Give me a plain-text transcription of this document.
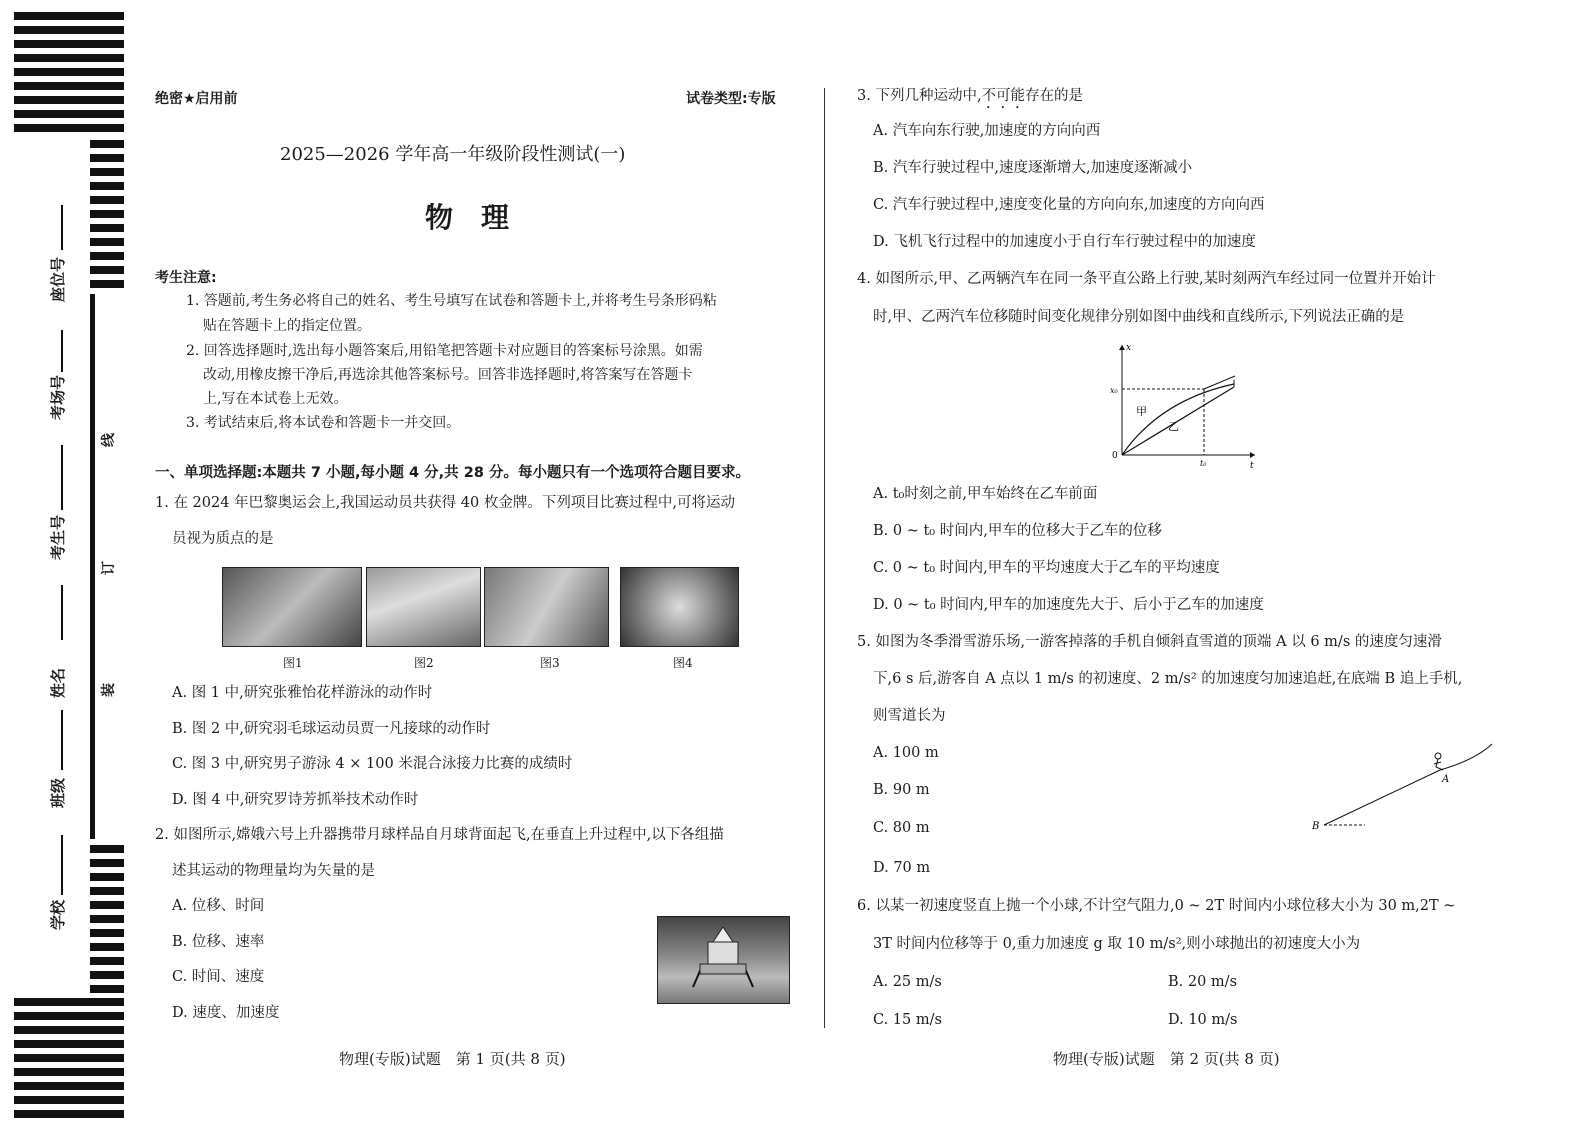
座位号
考场号
考生号
姓名
班级
学校
线
订
装
绝密★启用前	试卷类型:专版
2025—2026 学年高一年级阶段性测试(一)
物　理
考生注意:
1. 答题前,考生务必将自己的姓名、考生号填写在试卷和答题卡上,并将考生号条形码粘
贴在答题卡上的指定位置。
2. 回答选择题时,选出每小题答案后,用铅笔把答题卡对应题目的答案标号涂黑。如需
改动,用橡皮擦干净后,再选涂其他答案标号。回答非选择题时,将答案写在答题卡
上,写在本试卷上无效。
3. 考试结束后,将本试卷和答题卡一并交回。
一、单项选择题:本题共 7 小题,每小题 4 分,共 28 分。每小题只有一个选项符合题目要求。
1. 在 2024 年巴黎奥运会上,我国运动员共获得 40 枚金牌。下列项目比赛过程中,可将运动
员视为质点的是
图1	图2	图3	图4
A. 图 1 中,研究张雅怡花样游泳的动作时
B. 图 2 中,研究羽毛球运动员贾一凡接球的动作时
C. 图 3 中,研究男子游泳 4 × 100 米混合泳接力比赛的成绩时
D. 图 4 中,研究罗诗芳抓举技术动作时
2. 如图所示,嫦娥六号上升器携带月球样品自月球背面起飞,在垂直上升过程中,以下各组描
述其运动的物理量均为矢量的是
A. 位移、时间
B. 位移、速率
C. 时间、速度
D. 速度、加速度
物理(专版)试题　第 1 页(共 8 页)
3. 下列几种运动中,不可能存在的是
A. 汽车向东行驶,加速度的方向向西
B. 汽车行驶过程中,速度逐渐增大,加速度逐渐减小
C. 汽车行驶过程中,速度变化量的方向向东,加速度的方向向西
D. 飞机飞行过程中的加速度小于自行车行驶过程中的加速度
4. 如图所示,甲、乙两辆汽车在同一条平直公路上行驶,某时刻两汽车经过同一位置并开始计
时,甲、乙两汽车位移随时间变化规律分别如图中曲线和直线所示,下列说法正确的是
x
t
x₀
t₀
0
甲
乙
A. t₀时刻之前,甲车始终在乙车前面
B. 0 ~ t₀ 时间内,甲车的位移大于乙车的位移
C. 0 ~ t₀ 时间内,甲车的平均速度大于乙车的平均速度
D. 0 ~ t₀ 时间内,甲车的加速度先大于、后小于乙车的加速度
5. 如图为冬季滑雪游乐场,一游客掉落的手机自倾斜直雪道的顶端 A 以 6 m/s 的速度匀速滑
下,6 s 后,游客自 A 点以 1 m/s 的初速度、2 m/s² 的加速度匀加速追赶,在底端 B 追上手机,
则雪道长为
A. 100 m
B. 90 m
C. 80 m
D. 70 m
A
B
6. 以某一初速度竖直上抛一个小球,不计空气阻力,0 ~ 2T 时间内小球位移大小为 30 m,2T ~
3T 时间内位移等于 0,重力加速度 g 取 10 m/s²,则小球抛出的初速度大小为
A. 25 m/s	B. 20 m/s
C. 15 m/s	D. 10 m/s
物理(专版)试题　第 2 页(共 8 页)
